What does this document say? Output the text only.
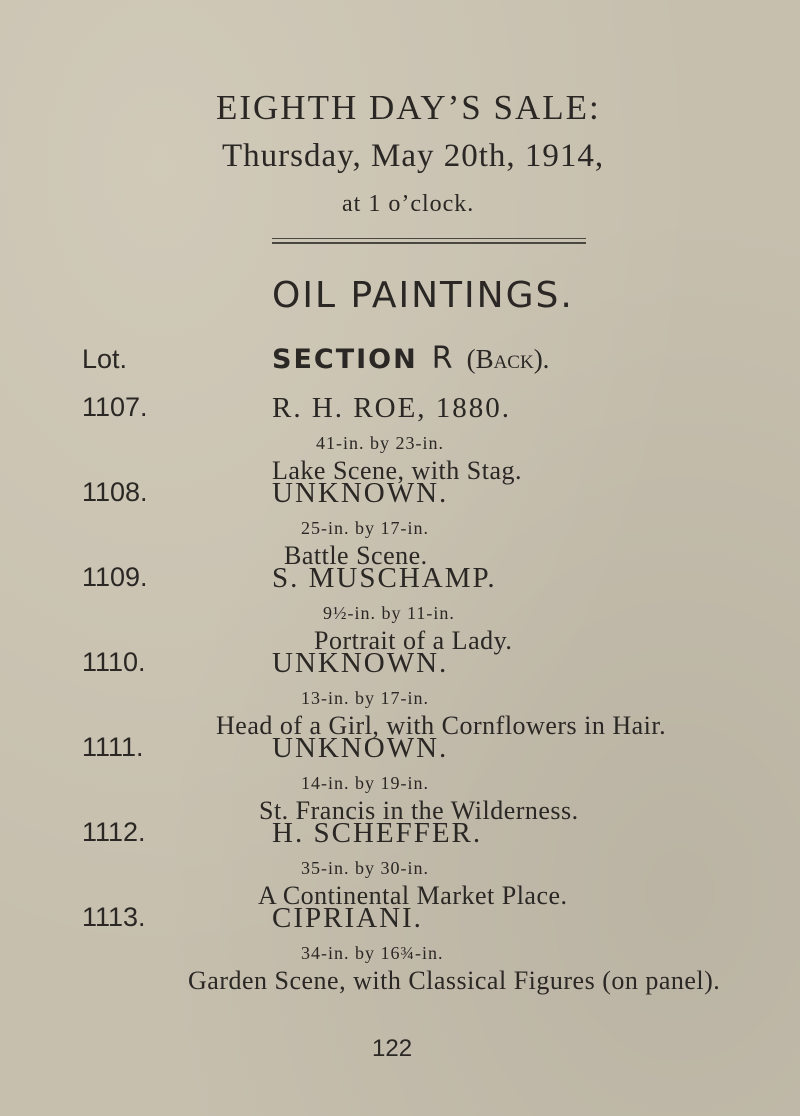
EIGHTH DAY’S SALE:
Thursday, May 20th, 1914,
at 1 o’clock.
OIL PAINTINGS.
Lot.	SECTION R (Back).
1107.	R. H. ROE, 1880.
41-in. by 23-in.
Lake Scene, with Stag.
1108.	UNKNOWN.
25-in. by 17-in.
Battle Scene.
1109.	S. MUSCHAMP.
9½-in. by 11-in.
Portrait of a Lady.
1110.	UNKNOWN.
13-in. by 17-in.
Head of a Girl, with Cornflowers in Hair.
1111.	UNKNOWN.
14-in. by 19-in.
St. Francis in the Wilderness.
1112.	H. SCHEFFER.
35-in. by 30-in.
A Continental Market Place.
1113.	CIPRIANI.
34-in. by 16¾-in.
Garden Scene, with Classical Figures (on panel).
122
